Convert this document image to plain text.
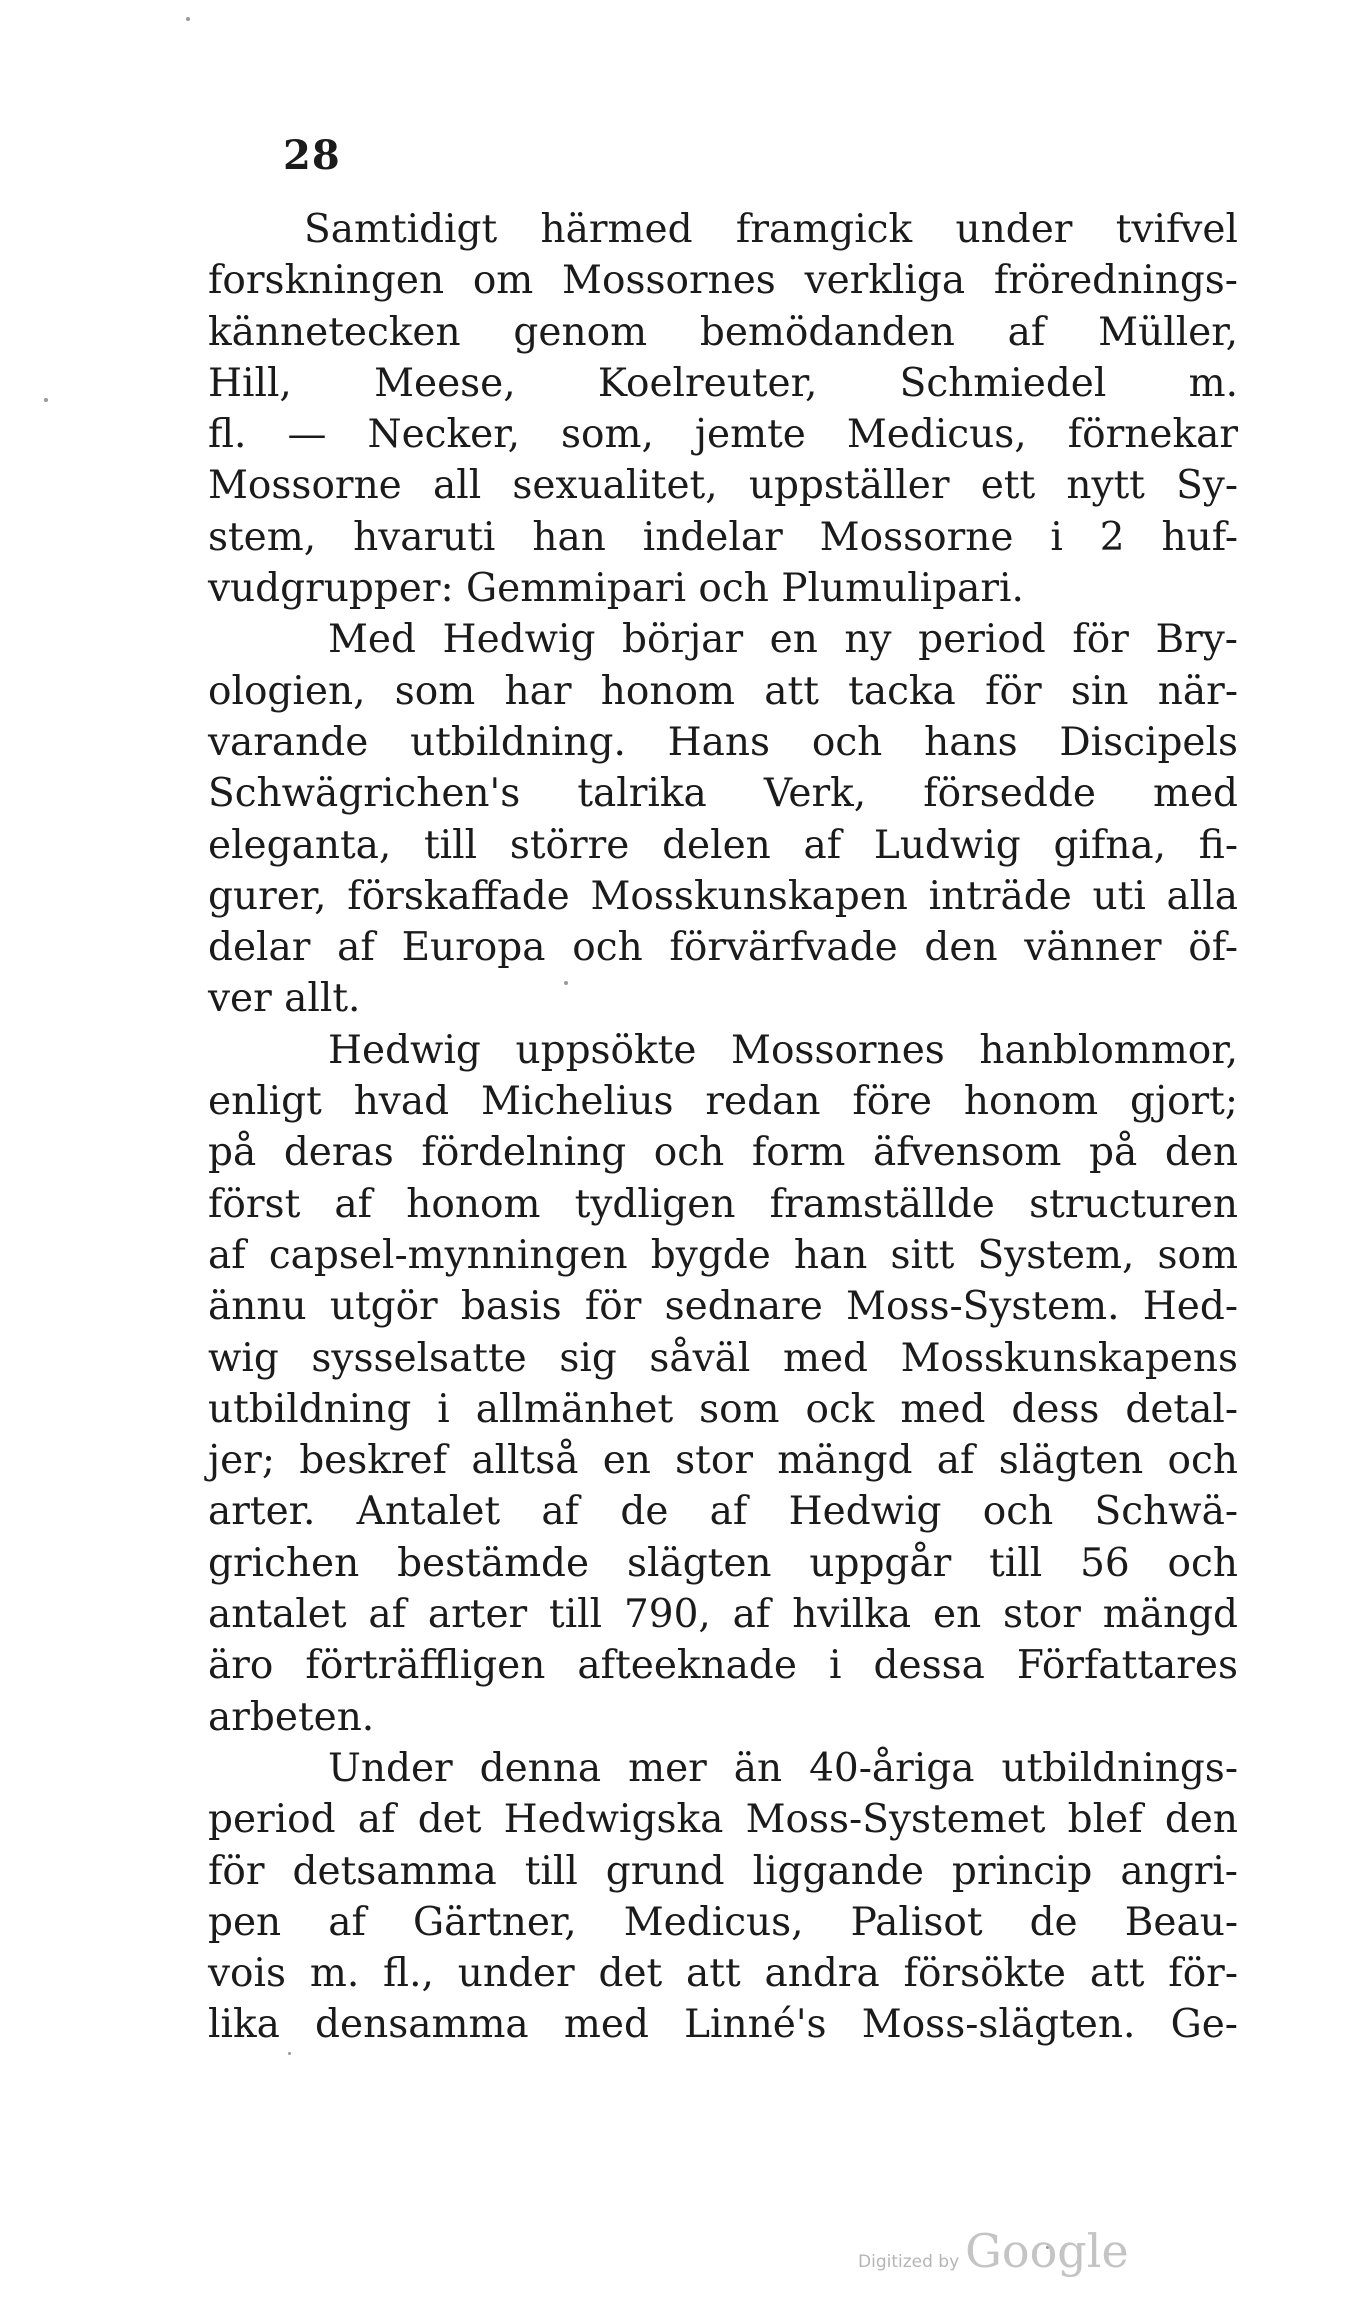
28
Samtidigt härmed framgick under tvifvel
forskningen om Mossornes verkliga frörednings-
kännetecken genom bemödanden af Müller,
Hill, Meese, Koelreuter, Schmiedel m.
fl. — Necker, som, jemte Medicus, förnekar
Mossorne all sexualitet, uppställer ett nytt Sy-
stem, hvaruti han indelar Mossorne i 2 huf-
vudgrupper: Gemmipari och Plumulipari.
Med Hedwig börjar en ny period för Bry-
ologien, som har honom att tacka för sin när-
varande utbildning. Hans och hans Discipels
Schwägrichen's talrika Verk, försedde med
eleganta, till större delen af Ludwig gifna, fi-
gurer, förskaffade Mosskunskapen inträde uti alla
delar af Europa och förvärfvade den vänner öf-
ver allt.
Hedwig uppsökte Mossornes hanblommor,
enligt hvad Michelius redan före honom gjort;
på deras fördelning och form äfvensom på den
först af honom tydligen framställde structuren
af capsel-mynningen bygde han sitt System, som
ännu utgör basis för sednare Moss-System. Hed-
wig sysselsatte sig såväl med Mosskunskapens
utbildning i allmänhet som ock med dess detal-
jer; beskref alltså en stor mängd af slägten och
arter. Antalet af de af Hedwig och Schwä-
grichen bestämde slägten uppgår till 56 och
antalet af arter till 790, af hvilka en stor mängd
äro förträffligen afteeknade i dessa Författares
arbeten.
Under denna mer än 40-åriga utbildnings-
period af det Hedwigska Moss-Systemet blef den
för detsamma till grund liggande princip angri-
pen af Gärtner, Medicus, Palisot de Beau-
vois m. fl., under det att andra försökte att för-
lika densamma med Linné's Moss-slägten. Ge-
Digitized by Google
